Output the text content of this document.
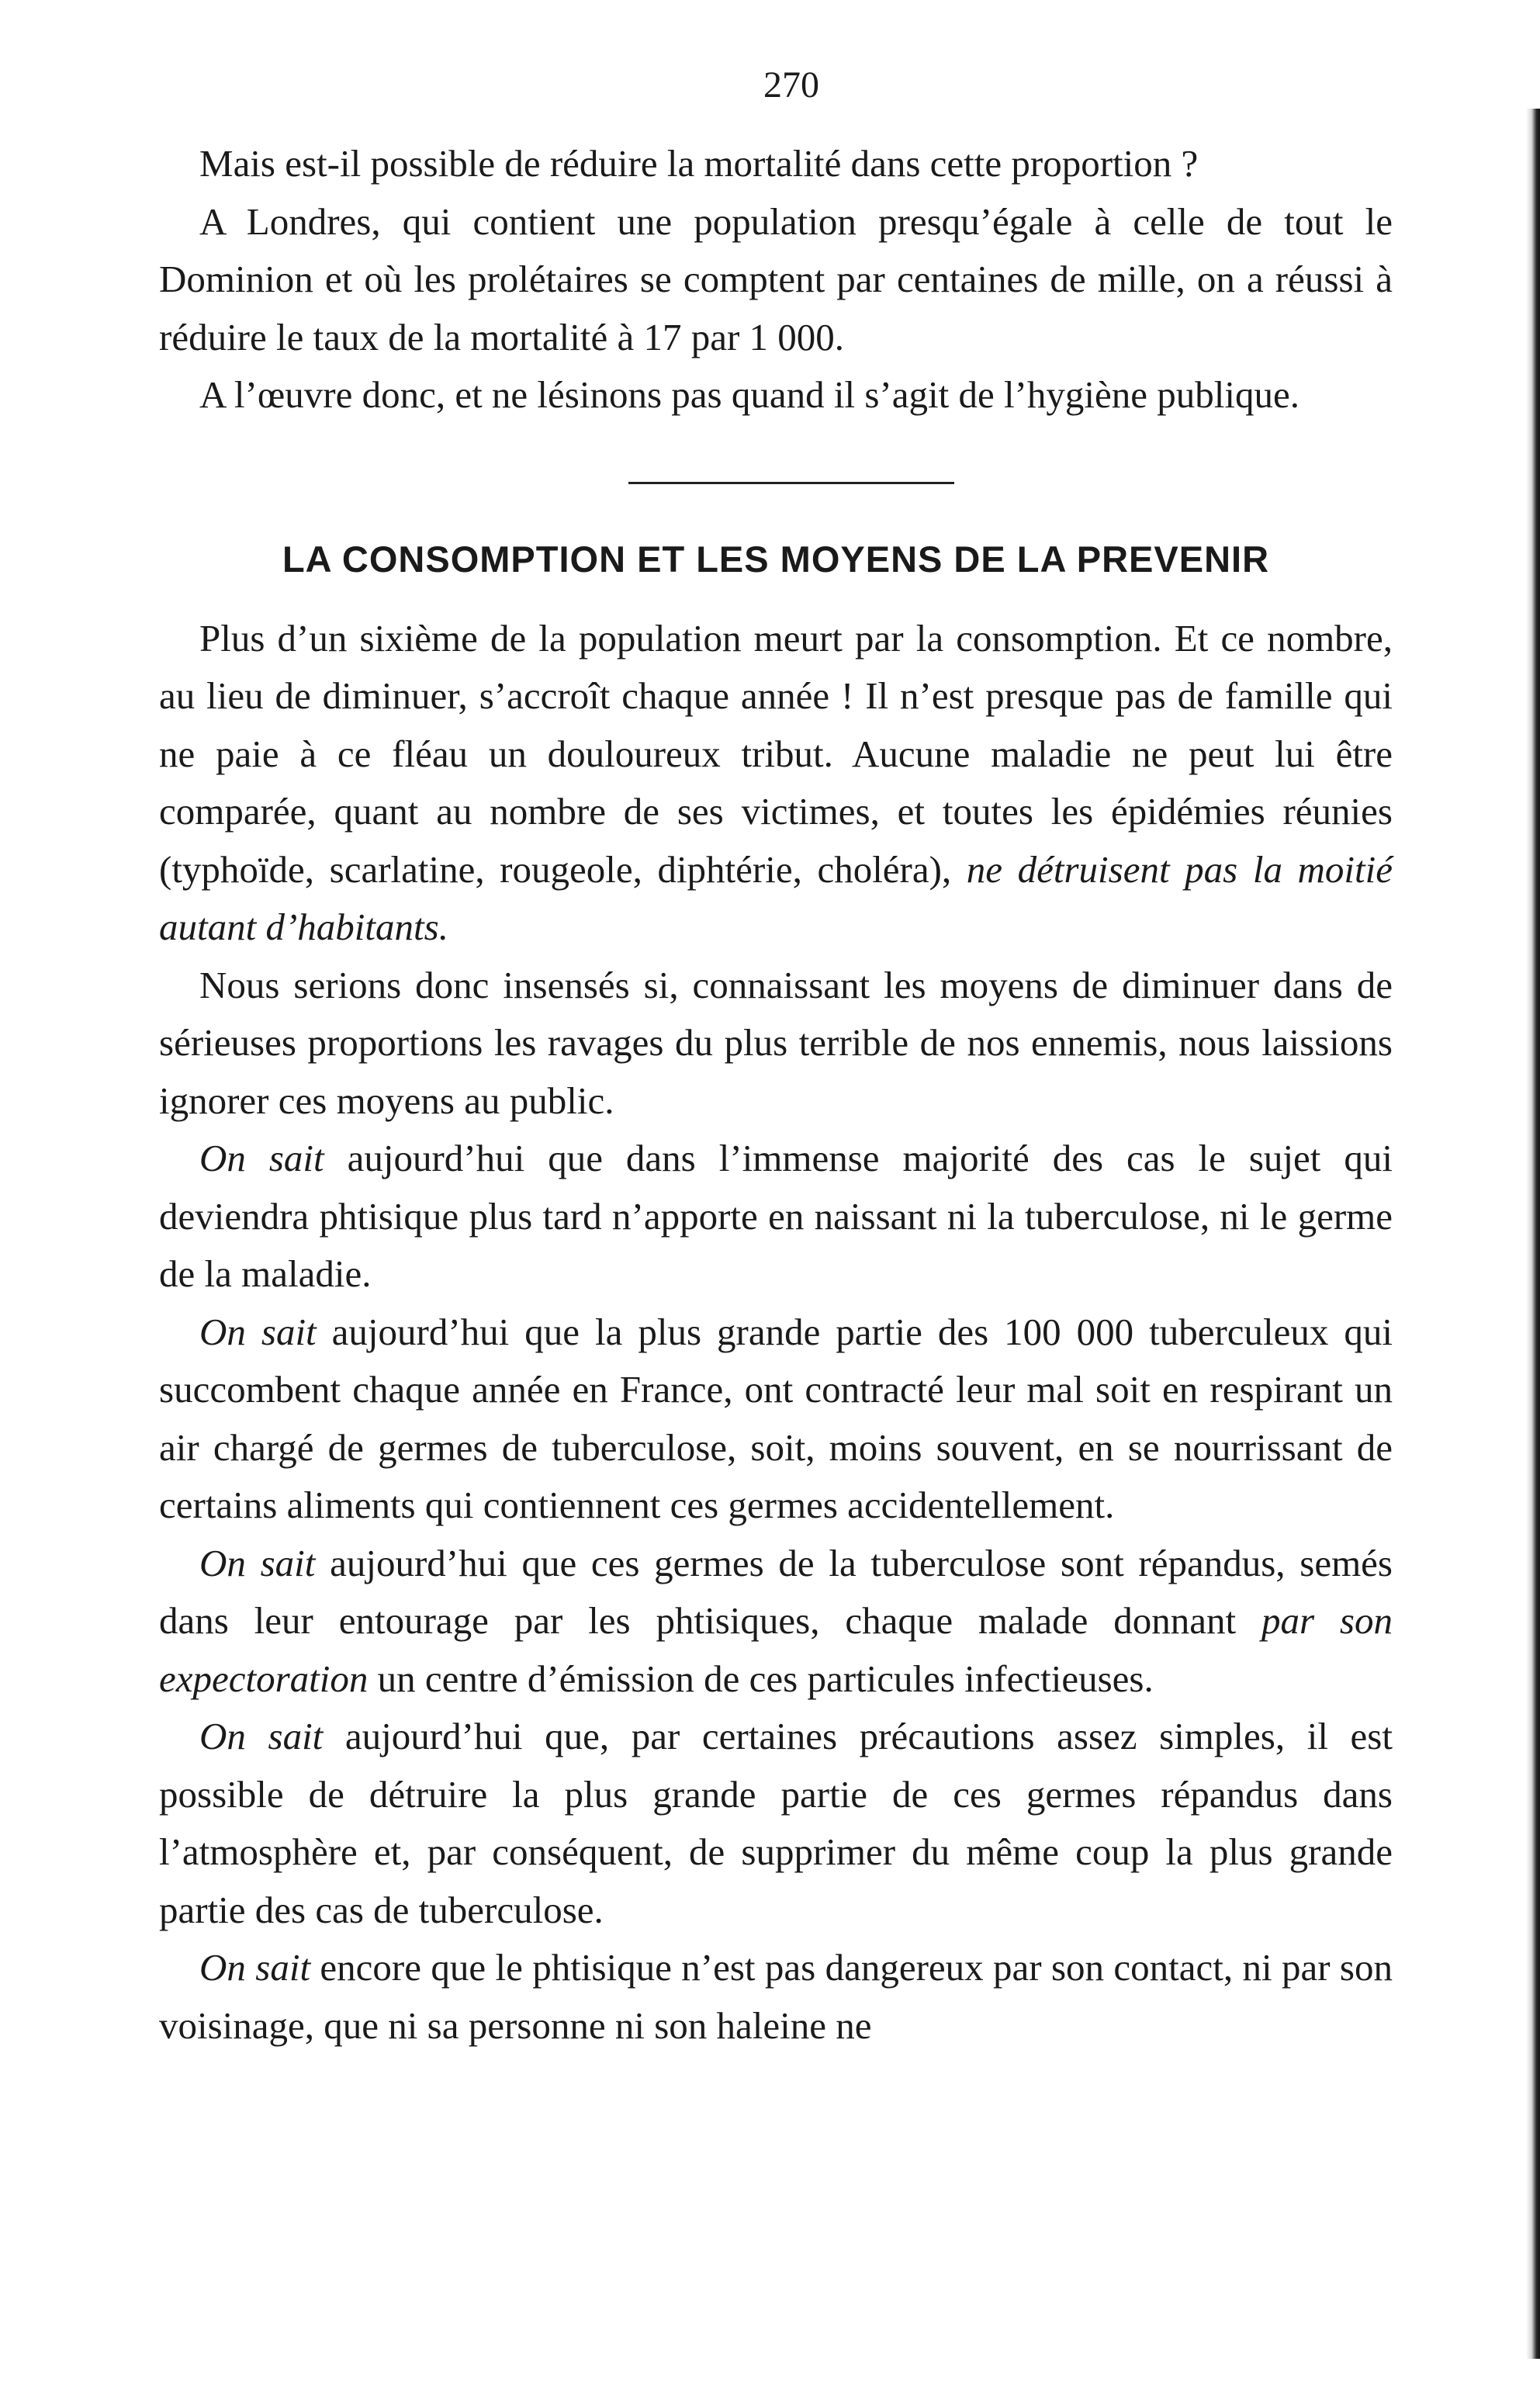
270

Mais est-il possible de réduire la mortalité dans cette proportion ?

A Londres, qui contient une population presqu’égale à celle de tout le Dominion et où les prolétaires se comptent par centaines de mille, on a réussi à réduire le taux de la mortalité à 17 par 1 000.

A l’œuvre donc, et ne lésinons pas quand il s’agit de l’hygiène publique.

LA CONSOMPTION ET LES MOYENS DE LA PREVENIR

Plus d’un sixième de la population meurt par la consomption. Et ce nombre, au lieu de diminuer, s’accroît chaque année ! Il n’est presque pas de famille qui ne paie à ce fléau un douloureux tribut. Aucune maladie ne peut lui être comparée, quant au nombre de ses victimes, et toutes les épidémies réunies (typhoïde, scarlatine, rougeole, diphtérie, choléra), ne détruisent pas la moitié autant d’habitants.

Nous serions donc insensés si, connaissant les moyens de diminuer dans de sérieuses proportions les ravages du plus terrible de nos ennemis, nous laissions ignorer ces moyens au public.

On sait aujourd’hui que dans l’immense majorité des cas le sujet qui deviendra phtisique plus tard n’apporte en naissant ni la tuberculose, ni le germe de la maladie.

On sait aujourd’hui que la plus grande partie des 100 000 tuberculeux qui succombent chaque année en France, ont contracté leur mal soit en respirant un air chargé de germes de tuberculose, soit, moins souvent, en se nourrissant de certains aliments qui contiennent ces germes accidentellement.

On sait aujourd’hui que ces germes de la tuberculose sont répandus, semés dans leur entourage par les phtisiques, chaque malade donnant par son expectoration un centre d’émission de ces particules infectieuses.

On sait aujourd’hui que, par certaines précautions assez simples, il est possible de détruire la plus grande partie de ces germes répandus dans l’atmosphère et, par conséquent, de supprimer du même coup la plus grande partie des cas de tuberculose.

On sait encore que le phtisique n’est pas dangereux par son contact, ni par son voisinage, que ni sa personne ni son haleine ne
